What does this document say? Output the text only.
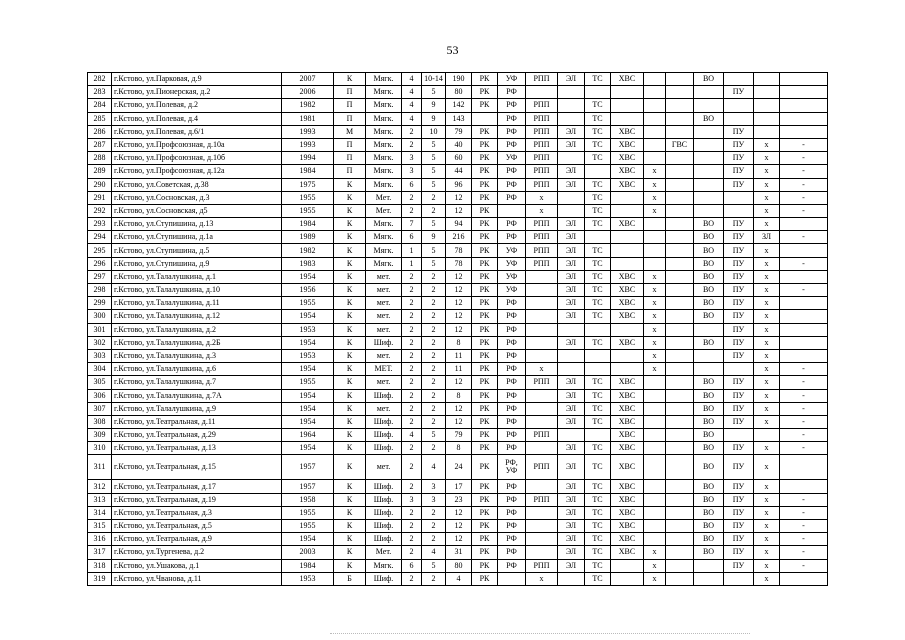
53
282	г.Кстово, ул.Парковая, д.9	2007	К	Мягк.	4	10-14	190	РК	УФ	РПП	ЭЛ	ТС	ХВС			ВО			
283	г.Кстово, ул.Пионерская, д.2	2006	П	Мягк.	4	5	80	РК	РФ								ПУ		
284	г.Кстово, ул.Полевая, д.2	1982	П	Мягк.	4	9	142	РК	РФ	РПП		ТС							
285	г.Кстово, ул.Полевая, д.4	1981	П	Мягк.	4	9	143		РФ	РПП		ТС				ВО			
286	г.Кстово, ул.Полевая, д.6/1	1993	М	Мягк.	2	10	79	РК	РФ	РПП	ЭЛ	ТС	ХВС				ПУ		
287	г.Кстово, ул.Профсоюзная, д.10а	1993	П	Мягк.	2	5	40	РК	РФ	РПП	ЭЛ	ТС	ХВС		ГВС		ПУ	х	-
288	г.Кстово, ул.Профсоюзная, д.10б	1994	П	Мягк.	3	5	60	РК	УФ	РПП		ТС	ХВС				ПУ	х	-
289	г.Кстово, ул.Профсоюзная, д.12а	1984	П	Мягк.	3	5	44	РК	РФ	РПП	ЭЛ		ХВС	х			ПУ	х	-
290	г.Кстово, ул.Советская, д.38	1975	К	Мягк.	6	5	96	РК	РФ	РПП	ЭЛ	ТС	ХВС	х			ПУ	х	-
291	г.Кстово, ул.Сосновская, д.3	1955	К	Мет.	2	2	12	РК	РФ	х		ТС		х				х	-
292	г.Кстово, ул.Сосновская, д5	1955	К	Мет.	2	2	12	РК		х		ТС		х				х	-
293	г.Кстово, ул.Ступишина, д.13	1984	К	Мягк.	7	5	94	РК	РФ	РПП	ЭЛ	ТС	ХВС			ВО	ПУ	х	
294	г.Кстово, ул.Ступишина, д.1а	1989	К	Мягк.	6	9	216	РК	РФ	РПП	ЭЛ					ВО	ПУ	ЗЛ	-
295	г.Кстово, ул.Ступишина, д.5	1982	К	Мягк.	1	5	78	РК	УФ	РПП	ЭЛ	ТС				ВО	ПУ	х	
296	г.Кстово, ул.Ступишина, д.9	1983	К	Мягк.	1	5	78	РК	УФ	РПП	ЭЛ	ТС				ВО	ПУ	х	-
297	г.Кстово, ул.Талалушкина, д.1	1954	К	мет.	2	2	12	РК	УФ		ЭЛ	ТС	ХВС	х		ВО	ПУ	х	
298	г.Кстово, ул.Талалушкина, д.10	1956	К	мет.	2	2	12	РК	УФ		ЭЛ	ТС	ХВС	х		ВО	ПУ	х	-
299	г.Кстово, ул.Талалушкина, д.11	1955	К	мет.	2	2	12	РК	РФ		ЭЛ	ТС	ХВС	х		ВО	ПУ	х	
300	г.Кстово, ул.Талалушкина, д.12	1954	К	мет.	2	2	12	РК	РФ		ЭЛ	ТС	ХВС	х		ВО	ПУ	х	
301	г.Кстово, ул.Талалушкина, д.2	1953	К	мет.	2	2	12	РК	РФ					х			ПУ	х	
302	г.Кстово, ул.Талалушкина, д.2Б	1954	К	Шиф.	2	2	8	РК	РФ		ЭЛ	ТС	ХВС	х		ВО	ПУ	х	
303	г.Кстово, ул.Талалушкина, д.3	1953	К	мет.	2	2	11	РК	РФ					х			ПУ	х	
304	г.Кстово, ул.Талалушкина, д.6	1954	К	МЕТ.	2	2	11	РК	РФ	х				х				х	-
305	г.Кстово, ул.Талалушкина, д.7	1955	К	мет.	2	2	12	РК	РФ	РПП	ЭЛ	ТС	ХВС			ВО	ПУ	х	-
306	г.Кстово, ул.Талалушкина, д.7А	1954	К	Шиф.	2	2	8	РК	РФ		ЭЛ	ТС	ХВС			ВО	ПУ	х	-
307	г.Кстово, ул.Талалушкина, д.9	1954	К	мет.	2	2	12	РК	РФ		ЭЛ	ТС	ХВС			ВО	ПУ	х	-
308	г.Кстово, ул.Театральная, д.11	1954	К	Шиф.	2	2	12	РК	РФ		ЭЛ	ТС	ХВС			ВО	ПУ	х	-
309	г.Кстово, ул.Театральная, д.29	1964	К	Шиф.	4	5	79	РК	РФ	РПП			ХВС			ВО			-
310	г.Кстово, ул.Театральная, д.13	1954	К	Шиф.	2	2	8	РК	РФ		ЭЛ	ТС	ХВС			ВО	ПУ	х	-
311	г.Кстово, ул.Театральная, д.15	1957	К	мет.	2	4	24	РК	РФ, УФ	РПП	ЭЛ	ТС	ХВС			ВО	ПУ	х	
312	г.Кстово, ул.Театральная, д.17	1957	К	Шиф.	2	3	17	РК	РФ		ЭЛ	ТС	ХВС			ВО	ПУ	х	
313	г.Кстово, ул.Театральная, д.19	1958	К	Шиф.	3	3	23	РК	РФ	РПП	ЭЛ	ТС	ХВС			ВО	ПУ	х	-
314	г.Кстово, ул.Театральная, д.3	1955	К	Шиф.	2	2	12	РК	РФ		ЭЛ	ТС	ХВС			ВО	ПУ	х	-
315	г.Кстово, ул.Театральная, д.5	1955	К	Шиф.	2	2	12	РК	РФ		ЭЛ	ТС	ХВС			ВО	ПУ	х	-
316	г.Кстово, ул.Театральная, д.9	1954	К	Шиф.	2	2	12	РК	РФ		ЭЛ	ТС	ХВС			ВО	ПУ	х	-
317	г.Кстово, ул.Тургенева, д.2	2003	К	Мет.	2	4	31	РК	РФ		ЭЛ	ТС	ХВС	х		ВО	ПУ	х	-
318	г.Кстово, ул.Ушакова, д.1	1984	К	Мягк.	6	5	80	РК	РФ	РПП	ЭЛ	ТС		х			ПУ	х	-
319	г.Кстово, ул.Чванова, д.11	1953	Б	Шиф.	2	2	4	РК		х		ТС		х				х	
